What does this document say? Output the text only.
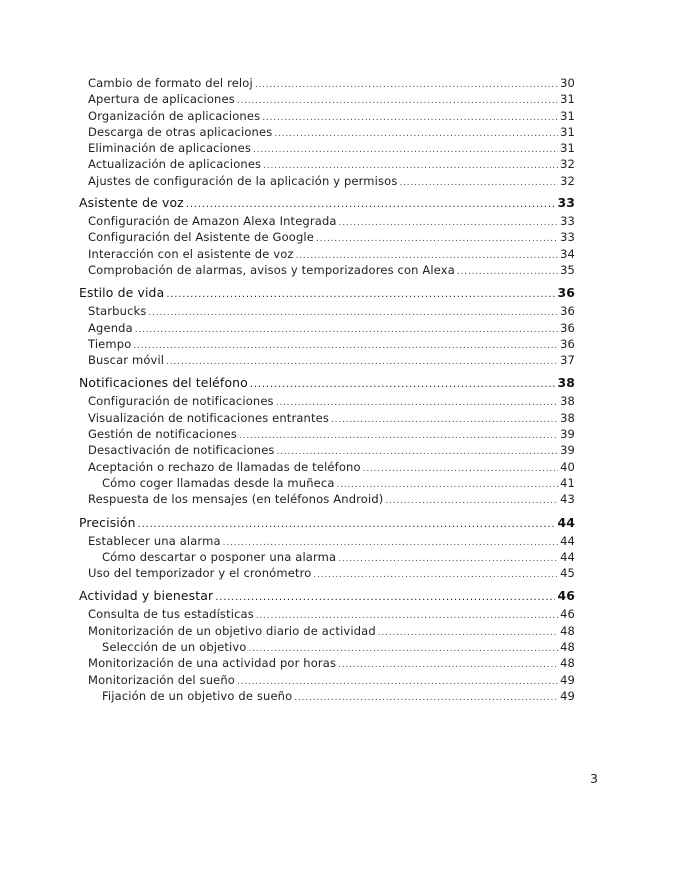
Cambio de formato del reloj .....	30
Apertura de aplicaciones .....	31
Organización de aplicaciones .....	31
Descarga de otras aplicaciones .....	31
Eliminación de aplicaciones .....	31
Actualización de aplicaciones .....	32
Ajustes de configuración de la aplicación y permisos .....	32
Asistente de voz .....	33
Configuración de Amazon Alexa Integrada .....	33
Configuración del Asistente de Google .....	33
Interacción con el asistente de voz .....	34
Comprobación de alarmas, avisos y temporizadores con Alexa .....	35
Estilo de vida .....	36
Starbucks .....	36
Agenda .....	36
Tiempo .....	36
Buscar móvil .....	37
Notificaciones del teléfono .....	38
Configuración de notificaciones .....	38
Visualización de notificaciones entrantes .....	38
Gestión de notificaciones .....	39
Desactivación de notificaciones .....	39
Aceptación o rechazo de llamadas de teléfono .....	40
Cómo coger llamadas desde la muñeca .....	41
Respuesta de los mensajes (en teléfonos Android) .....	43
Precisión .....	44
Establecer una alarma .....	44
Cómo descartar o posponer una alarma .....	44
Uso del temporizador y el cronómetro .....	45
Actividad y bienestar .....	46
Consulta de tus estadísticas .....	46
Monitorización de un objetivo diario de actividad .....	48
Selección de un objetivo .....	48
Monitorización de una actividad por horas .....	48
Monitorización del sueño .....	49
Fijación de un objetivo de sueño .....	49
3
